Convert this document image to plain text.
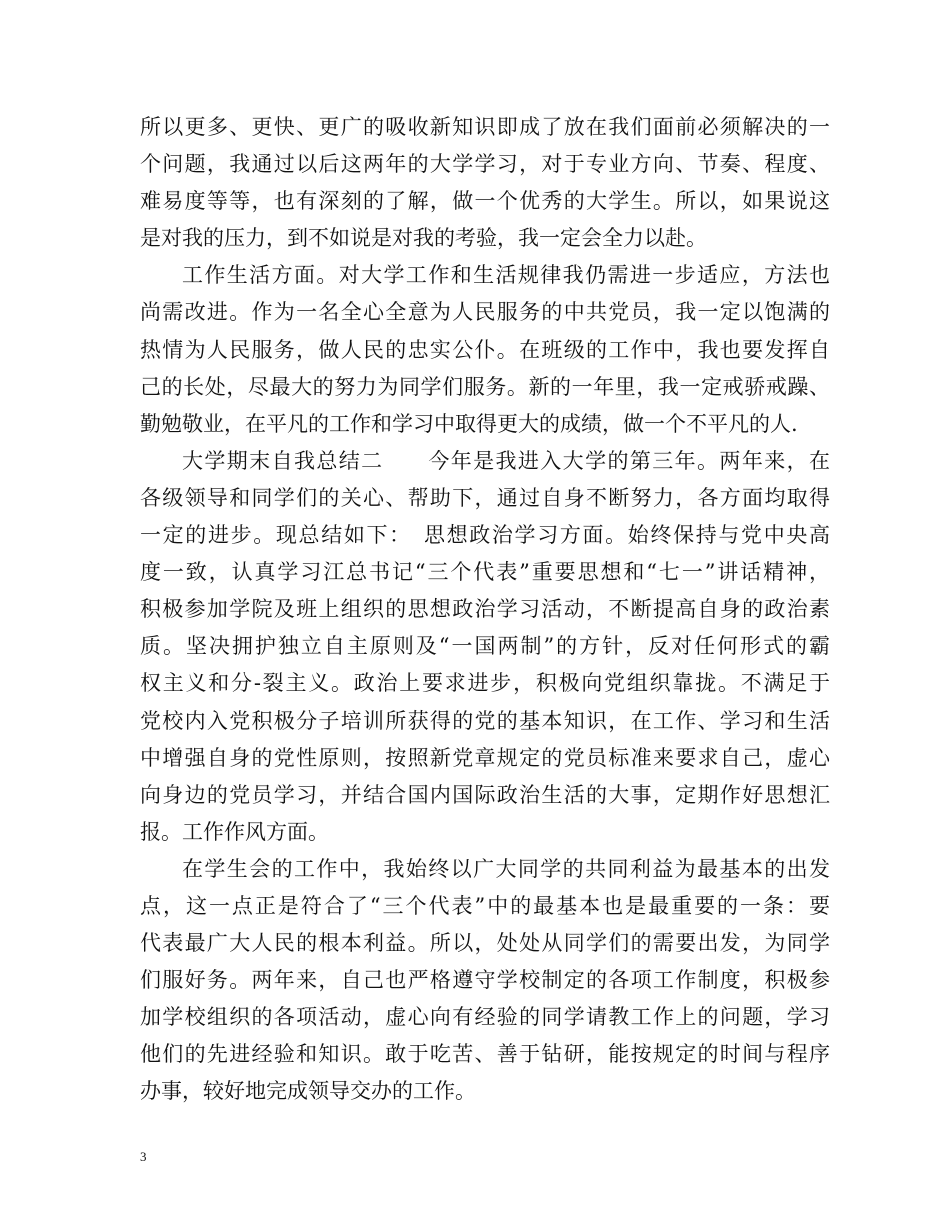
所以更多、更快、更广的吸收新知识即成了放在我们面前必须解决的一
个问题，我通过以后这两年的大学学习，对于专业方向、节奏、程度、
难易度等等，也有深刻的了解，做一个优秀的大学生。所以，如果说这
是对我的压力，到不如说是对我的考验，我一定会全力以赴。
工作生活方面。对大学工作和生活规律我仍需进一步适应，方法也
尚需改进。作为一名全心全意为人民服务的中共党员，我一定以饱满的
热情为人民服务，做人民的忠实公仆。在班级的工作中，我也要发挥自
己的长处，尽最大的努力为同学们服务。新的一年里，我一定戒骄戒躁、
勤勉敬业，在平凡的工作和学习中取得更大的成绩，做一个不平凡的人.
大学期末自我总结二　　今年是我进入大学的第三年。两年来，在
各级领导和同学们的关心、帮助下，通过自身不断努力，各方面均取得
一定的进步。现总结如下：　思想政治学习方面。始终保持与党中央高
度一致，认真学习江总书记“三个代表”重要思想和“七一”讲话精神，
积极参加学院及班上组织的思想政治学习活动，不断提高自身的政治素
质。坚决拥护独立自主原则及“一国两制”的方针，反对任何形式的霸
权主义和分-裂主义。政治上要求进步，积极向党组织靠拢。不满足于
党校内入党积极分子培训所获得的党的基本知识，在工作、学习和生活
中增强自身的党性原则，按照新党章规定的党员标准来要求自己，虚心
向身边的党员学习，并结合国内国际政治生活的大事，定期作好思想汇
报。工作作风方面。
在学生会的工作中，我始终以广大同学的共同利益为最基本的出发
点，这一点正是符合了“三个代表”中的最基本也是最重要的一条：要
代表最广大人民的根本利益。所以，处处从同学们的需要出发，为同学
们服好务。两年来，自己也严格遵守学校制定的各项工作制度，积极参
加学校组织的各项活动，虚心向有经验的同学请教工作上的问题，学习
他们的先进经验和知识。敢于吃苦、善于钻研，能按规定的时间与程序
办事，较好地完成领导交办的工作。
3
